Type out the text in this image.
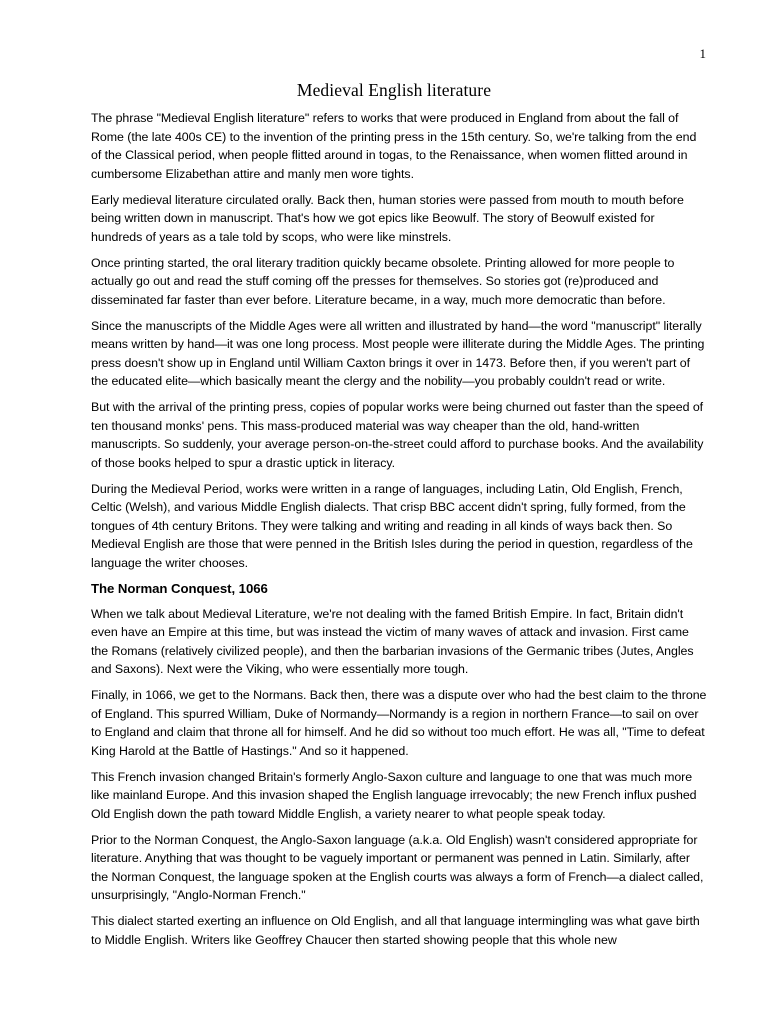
1
Medieval English literature

The phrase "Medieval English literature" refers to works that were produced in England from about the fall of Rome (the late 400s CE) to the invention of the printing press in the 15th century. So, we're talking from the end of the Classical period, when people flitted around in togas, to the Renaissance, when women flitted around in cumbersome Elizabethan attire and manly men wore tights.

Early medieval literature circulated orally. Back then, human stories were passed from mouth to mouth before being written down in manuscript. That's how we got epics like Beowulf. The story of Beowulf existed for hundreds of years as a tale told by scops, who were like minstrels.

Once printing started, the oral literary tradition quickly became obsolete. Printing allowed for more people to actually go out and read the stuff coming off the presses for themselves. So stories got (re)produced and disseminated far faster than ever before. Literature became, in a way, much more democratic than before.

Since the manuscripts of the Middle Ages were all written and illustrated by hand—the word "manuscript" literally means written by hand—it was one long process. Most people were illiterate during the Middle Ages. The printing press doesn't show up in England until William Caxton brings it over in 1473. Before then, if you weren't part of the educated elite—which basically meant the clergy and the nobility—you probably couldn't read or write.

But with the arrival of the printing press, copies of popular works were being churned out faster than the speed of ten thousand monks' pens. This mass-produced material was way cheaper than the old, hand-written manuscripts. So suddenly, your average person-on-the-street could afford to purchase books. And the availability of those books helped to spur a drastic uptick in literacy.

During the Medieval Period, works were written in a range of languages, including Latin, Old English, French, Celtic (Welsh), and various Middle English dialects. That crisp BBC accent didn't spring, fully formed, from the tongues of 4th century Britons. They were talking and writing and reading in all kinds of ways back then. So Medieval English are those that were penned in the British Isles during the period in question, regardless of the language the writer chooses.

The Norman Conquest, 1066

When we talk about Medieval Literature, we're not dealing with the famed British Empire. In fact, Britain didn't even have an Empire at this time, but was instead the victim of many waves of attack and invasion. First came the Romans (relatively civilized people), and then the barbarian invasions of the Germanic tribes (Jutes, Angles and Saxons). Next were the Viking, who were essentially more tough.

Finally, in 1066, we get to the Normans. Back then, there was a dispute over who had the best claim to the throne of England. This spurred William, Duke of Normandy—Normandy is a region in northern France—to sail on over to England and claim that throne all for himself. And he did so without too much effort. He was all, "Time to defeat King Harold at the Battle of Hastings." And so it happened.

This French invasion changed Britain's formerly Anglo-Saxon culture and language to one that was much more like mainland Europe. And this invasion shaped the English language irrevocably; the new French influx pushed Old English down the path toward Middle English, a variety nearer to what people speak today.

Prior to the Norman Conquest, the Anglo-Saxon language (a.k.a. Old English) wasn't considered appropriate for literature. Anything that was thought to be vaguely important or permanent was penned in Latin. Similarly, after the Norman Conquest, the language spoken at the English courts was always a form of French—a dialect called, unsurprisingly, "Anglo-Norman French."

This dialect started exerting an influence on Old English, and all that language intermingling was what gave birth to Middle English. Writers like Geoffrey Chaucer then started showing people that this whole new
